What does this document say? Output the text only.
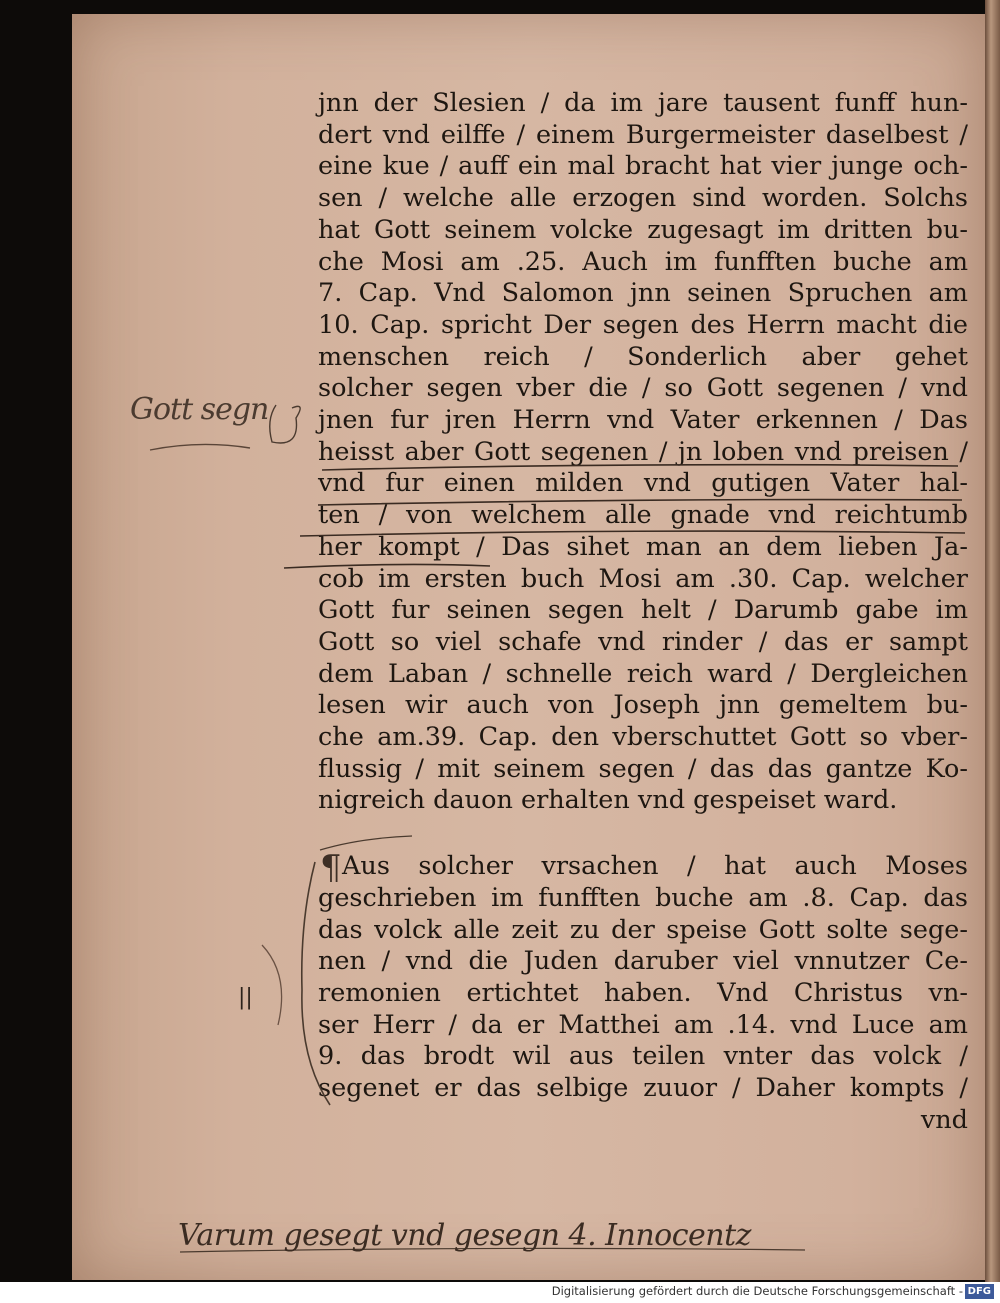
jnn der Slesien / da im jare tausent funff hun-
dert vnd eilffe / einem Burgermeister daselbest /
eine kue / auff ein mal bracht hat vier junge och-
sen / welche alle erzogen sind worden. Solchs
hat Gott seinem volcke zugesagt im dritten bu-
che Mosi am .25. Auch im funfften buche am
7. Cap. Vnd Salomon jnn seinen Spruchen am
10. Cap. spricht Der segen des Herrn macht die
menschen reich / Sonderlich aber gehet
solcher segen vber die / so Gott segenen / vnd
jnen fur jren Herrn vnd Vater erkennen / Das
heisst aber Gott segenen / jn loben vnd preisen /
vnd fur einen milden vnd gutigen Vater hal-
ten / von welchem alle gnade vnd reichtumb
her kompt / Das sihet man an dem lieben Ja-
cob im ersten buch Mosi am .30. Cap. welcher
Gott fur seinen segen helt / Darumb gabe im
Gott so viel schafe vnd rinder / das er sampt
dem Laban / schnelle reich ward / Dergleichen
lesen wir auch von Joseph jnn gemeltem bu-
che am.39. Cap. den vberschuttet Gott so vber-
flussig / mit seinem segen / das das gantze Ko-
nigreich dauon erhalten vnd gespeiset ward.
Aus solcher vrsachen / hat auch Moses
geschrieben im funfften buche am .8. Cap. das
das volck alle zeit zu der speise Gott solte sege-
nen / vnd die Juden daruber viel vnnutzer Ce-
remonien ertichtet haben. Vnd Christus vn-
ser Herr / da er Matthei am .14. vnd Luce am
9. das brodt wil aus teilen vnter das volck /
segenet er das selbige zuuor / Daher kompts /
vnd
¶
Gott segn
||
Varum gesegt vnd gesegn 4. Innocentz
Digitalisierung gefördert durch die Deutsche Forschungsgemeinschaft - DFG
